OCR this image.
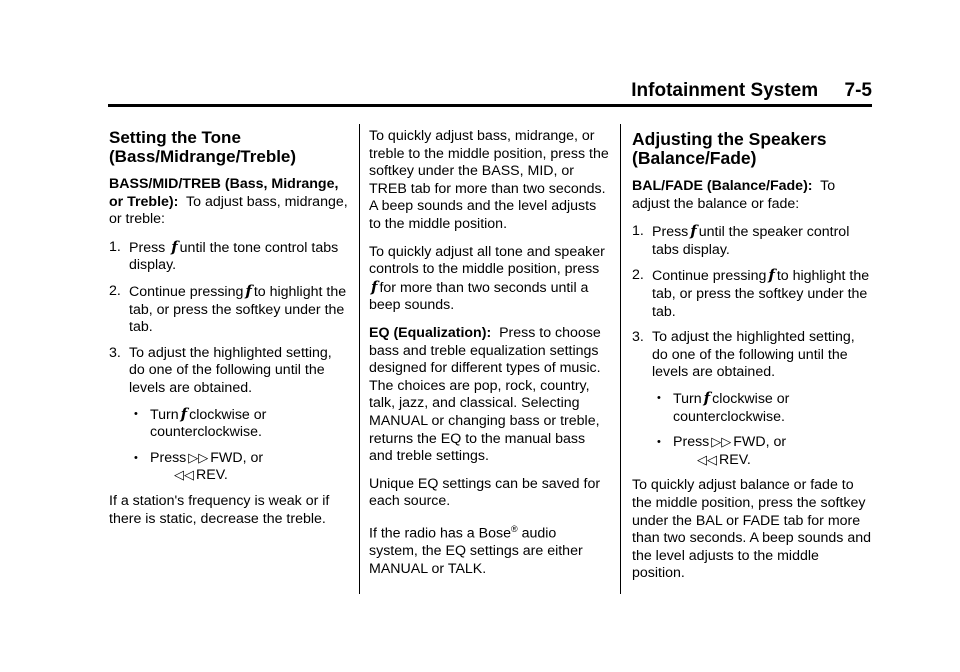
Infotainment System     7-5
Setting the Tone
(Bass/Midrange/Treble)

BASS/MID/TREB (Bass, Midrange, or Treble): To adjust bass, midrange, or treble:

1. Press f until the tone control tabs display.
2. Continue pressing f to highlight the tab, or press the softkey under the tab.
3. To adjust the highlighted setting, do one of the following until the levels are obtained.
• Turn f clockwise or counterclockwise.
• Press ▷▷ FWD, or
◁◁ REV.

If a station's frequency is weak or if there is static, decrease the treble.

To quickly adjust bass, midrange, or treble to the middle position, press the softkey under the BASS, MID, or TREB tab for more than two seconds. A beep sounds and the level adjusts to the middle position.

To quickly adjust all tone and speaker controls to the middle position, pressf for more than two seconds until a beep sounds.

EQ (Equalization): Press to choose bass and treble equalization settings designed for different types of music. The choices are pop, rock, country, talk, jazz, and classical. Selecting MANUAL or changing bass or treble, returns the EQ to the manual bass and treble settings.

Unique EQ settings can be saved for each source.

If the radio has a Bose® audio system, the EQ settings are either MANUAL or TALK.

Adjusting the Speakers
(Balance/Fade)

BAL/FADE (Balance/Fade): To adjust the balance or fade:

1. Press f until the speaker control tabs display.
2. Continue pressing f to highlight the tab, or press the softkey under the tab.
3. To adjust the highlighted setting, do one of the following until the levels are obtained.
• Turn f clockwise or counterclockwise.
• Press ▷▷ FWD, or
◁◁ REV.

To quickly adjust balance or fade to the middle position, press the softkey under the BAL or FADE tab for more than two seconds. A beep sounds and the level adjusts to the middle position.
